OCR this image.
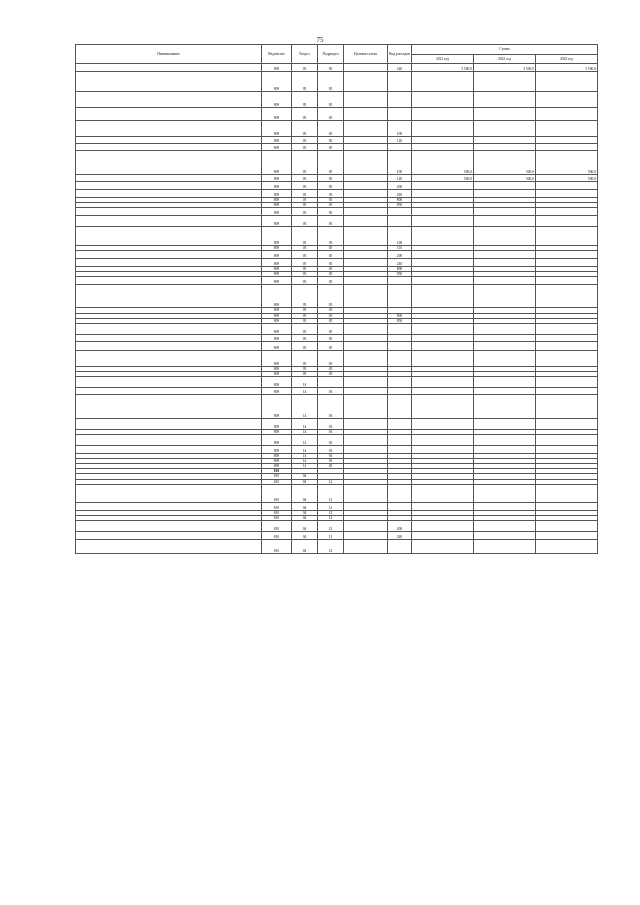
75
Наименование	Ведомство	Раздел	Подраздел	Целевая статья	Вид расходов	Сумма		
						2021 год	2022 год	2023 год
	809	05	05		240	3 500,0	3 500,0	3 500,0
	809	05	05					
	809	05	05					
	809	05	05					
	809	05	05		100			
	809	05	05		120			
	809	05	05					
	809	05	05		100	500,0	500,0	500,0
	809	05	05		120	500,0	500,0	500,0
	809	05	05		200			
	809	05	05		240			
	809	05	05		800			
	809	05	05		850			
	809	05	05					
	809	05	05					
	809	05	05		100			
	809	05	05		110			
	809	05	05		200			
	809	05	05		240			
	809	05	05		800			
	809	05	05		850			
	809	05	05					
	809	05	05					
	809	05	05					
	809	05	05		800			
	809	05	05		850			
	809	05	05					
	809	05	05					
	809	05	05					
	809	05	05					
	809	05	05					
	809	05	05					
	809	14						
	809	14	03					
	809	14	03					
	809	14	03					
	809	14	03					
	809	14	03					
	809	14	03					
	809	14	03					
	809	14	03					
	809	14	03					
	810							
	810	04						
	810	04	12					
	810	04	12					
	810	04	12					
	810	04	12					
	810	04	12					
	810	04	12		200			
	810	04	12		240			
	810	04	12					
